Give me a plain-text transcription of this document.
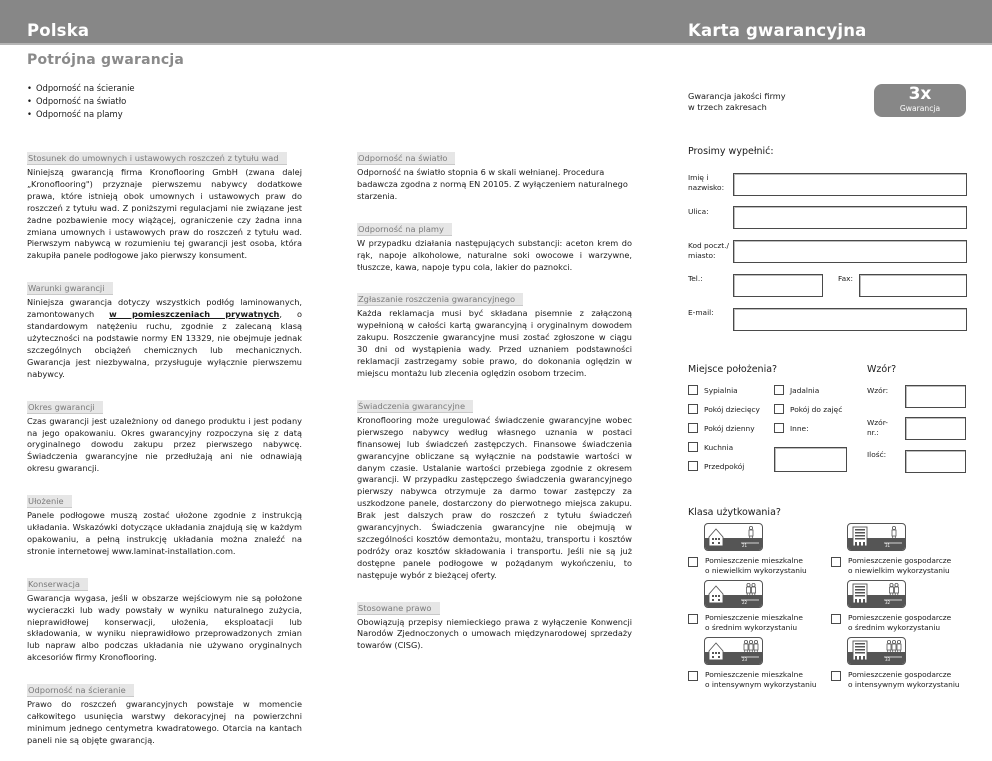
Polska	Karta gwarancyjna
Potrójna gwarancja
• Odporność na ścieranie
• Odporność na światło
• Odporność na plamy
Stosunek do umownych i ustawowych roszczeń z tytułu wad
Niniejszą gwarancją firma Kronoflooring GmbH (zwana dalej „Kronoflooring") przyznaje pierwszemu nabywcy dodatkowe prawa, które istnieją obok umownych i ustawowych praw do roszczeń z tytułu wad. Z poniższymi regulacjami nie związane jest żadne pozbawienie mocy wiążącej, ograniczenie czy żadna inna zmiana umownych i ustawowych praw do roszczeń z tytułu wad. Pierwszym nabywcą w rozumieniu tej gwarancji jest osoba, która zakupiła panele podłogowe jako pierwszy konsument.
Warunki gwarancji
Niniejsza gwarancja dotyczy wszystkich podłóg laminowanych, zamontowanych w pomieszczeniach prywatnych, o standardowym natężeniu ruchu, zgodnie z zalecaną klasą użyteczności na podstawie normy EN 13329, nie obejmuje jednak szczególnych obciążeń chemicznych lub mechanicznych. Gwarancja jest niezbywalna, przysługuje wyłącznie pierwszemu nabywcy.
Okres gwarancji
Czas gwarancji jest uzależniony od danego produktu i jest podany na jego opakowaniu. Okres gwarancyjny rozpoczyna się z datą oryginalnego dowodu zakupu przez pierwszego nabywcę. Świadczenia gwarancyjne nie przedłużają ani nie odnawiają okresu gwarancji.
Ułożenie
Panele podłogowe muszą zostać ułożone zgodnie z instrukcją układania. Wskazówki dotyczące układania znajdują się w każdym opakowaniu, a pełną instrukcję układania można znaleźć na stronie internetowej www.laminat-installation.com.
Konserwacja
Gwarancja wygasa, jeśli w obszarze wejściowym nie są położone wycieraczki lub wady powstały w wyniku naturalnego zużycia, nieprawidłowej konserwacji, ułożenia, eksploatacji lub składowania, w wyniku nieprawidłowo przeprowadzonych zmian lub napraw albo podczas układania nie używano oryginalnych akcesoriów firmy Kronoflooring.
Odporność na ścieranie
Prawo do roszczeń gwarancyjnych powstaje w momencie całkowitego usunięcia warstwy dekoracyjnej na powierzchni minimum jednego centymetra kwadratowego. Otarcia na kantach paneli nie są objęte gwarancją.
Odporność na światło
Odporność na światło stopnia 6 w skali wełnianej. Procedura badawcza zgodna z normą EN 20105. Z wyłączeniem naturalnego starzenia.
Odporność na plamy
W przypadku działania następujących substancji: aceton krem do rąk, napoje alkoholowe, naturalne soki owocowe i warzywne, tłuszcze, kawa, napoje typu cola, lakier do paznokci.
Zgłaszanie roszczenia gwarancyjnego
Każda reklamacja musi być składana pisemnie z załączoną wypełnioną w całości kartą gwarancyjną i oryginalnym dowodem zakupu. Roszczenie gwarancyjne musi zostać zgłoszone w ciągu 30 dni od wystąpienia wady. Przed uznaniem podstawności reklamacji zastrzegamy sobie prawo, do dokonania oględzin w miejscu montażu lub zlecenia oględzin osobom trzecim.
Świadczenia gwarancyjne
Kronoflooring może uregulować świadczenie gwarancyjne wobec pierwszego nabywcy według własnego uznania w postaci finansowej lub świadczeń zastępczych. Finansowe świadczenia gwarancyjne obliczane są wyłącznie na podstawie wartości w danym czasie. Ustalanie wartości przebiega zgodnie z okresem gwarancji. W przypadku zastępczego świadczenia gwarancyjnego pierwszy nabywca otrzymuje za darmo towar zastępczy za uszkodzone panele, dostarczony do pierwotnego miejsca zakupu. Brak jest dalszych praw do roszczeń z tytułu świadczeń gwarancyjnych. Świadczenia gwarancyjne nie obejmują w szczególności kosztów demontażu, montażu, transportu i kosztów podróży oraz kosztów składowania i transportu. Jeśli nie są już dostępne panele podłogowe w pożądanym wykończeniu, to następuje wybór z bieżącej oferty.
Stosowane prawo
Obowiązują przepisy niemieckiego prawa z wyłączenie Konwencji Narodów Zjednoczonych o umowach międzynarodowej sprzedaży towarów (CISG).
Gwarancja jakości firmy
w trzech zakresach
3x
Gwarancja
Prosimy wypełnić:
Imię i
nazwisko:
Ulica:
Kod poczt./
miasto:
Tel.:	Fax:
E-mail:
Miejsce położenia?
Sypialnia
Pokój dziecięcy
Pokój dzienny
Kuchnia
Przedpokój
Jadalnia
Pokój do zajęć
Inne:
Wzór?
Wzór:
Wzór-
nr.:
Ilość:
Klasa użytkowania?
21
Pomieszczenie mieszkalne
o niewielkim wykorzystaniu
31
Pomieszczenie gospodarcze
o niewielkim wykorzystaniu
22
Pomieszczenie mieszkalne
o średnim wykorzystaniu
32
Pomieszczenie gospodarcze
o średnim wykorzystaniu
23
Pomieszczenie mieszkalne
o intensywnym wykorzystaniu
33
Pomieszczenie gospodarcze
o intensywnym wykorzystaniu
